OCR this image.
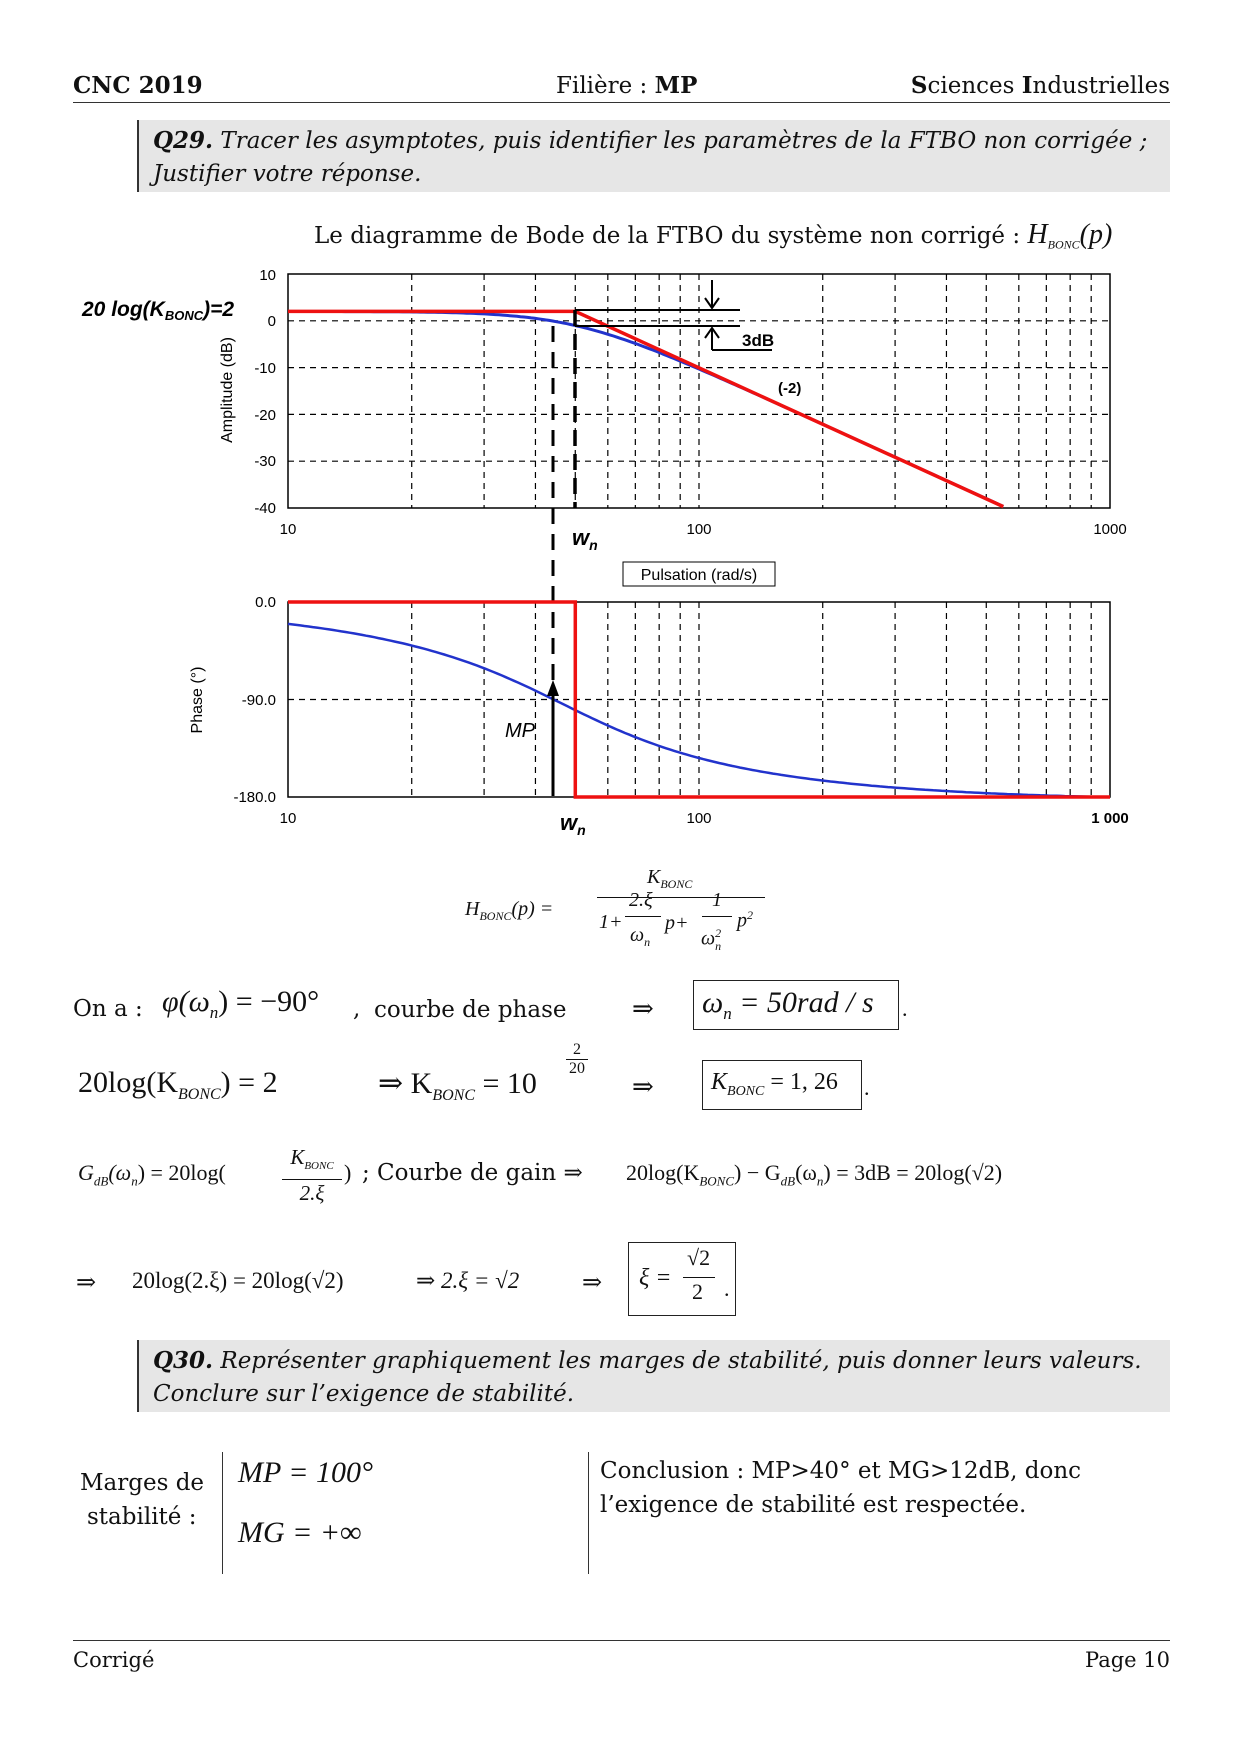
CNC 2019	Filière : MP	Sciences Industrielles
Q29. Tracer les asymptotes, puis identifier les paramètres de la FTBO non corrigée ; Justifier votre réponse.
Le diagramme de Bode de la FTBO du système non corrigé : $H_{BONC}(p)$
Amplitude (dB)
10
0
-10
-20
-30
-40
10	100	1000
20 log(KBONC)=2
3dB
(-2)
$w_n$
Pulsation (rad/s)
Phase (°)
0.0
-90.0
-180.0
10	100	1 000
MP
$w_n$
$H_{BONC}(p)$ =
$K_{BONC}$
1+
2.ξ
$\omega_n$
p+
1
$\omega^2_n$
$p^2$
On a : $\varphi(\omega_n) = -90^\circ$ , courbe de phase	⇒	$\omega_n = 50rad / s$	.
$20\log(K_{BONC}) = 2$	⇒ $K_{BONC} = 10$
2
20
⇒	$K_{BONC} = 1$, 26	.
$G_{dB}(\omega_n) = 20\log$(
$K_{BONC}$
2.ξ
) ; Courbe de gain ⇒ $20\log(K_{BONC}) - G_{dB}(\omega_n) = 3dB = 20\log(√2)$
⇒ 20log(2.ξ) = 20log(√2)	⇒ 2.ξ = √2	⇒ ξ =
√2
2 .
Q30. Représenter graphiquement les marges de stabilité, puis donner leurs valeurs. Conclure sur l’exigence de stabilité.
Marges de
stabilité :
MP = 100°
MG = +∞
Conclusion : MP>40° et MG>12dB, donc
l’exigence de stabilité est respectée.
Corrigé	Page 10
